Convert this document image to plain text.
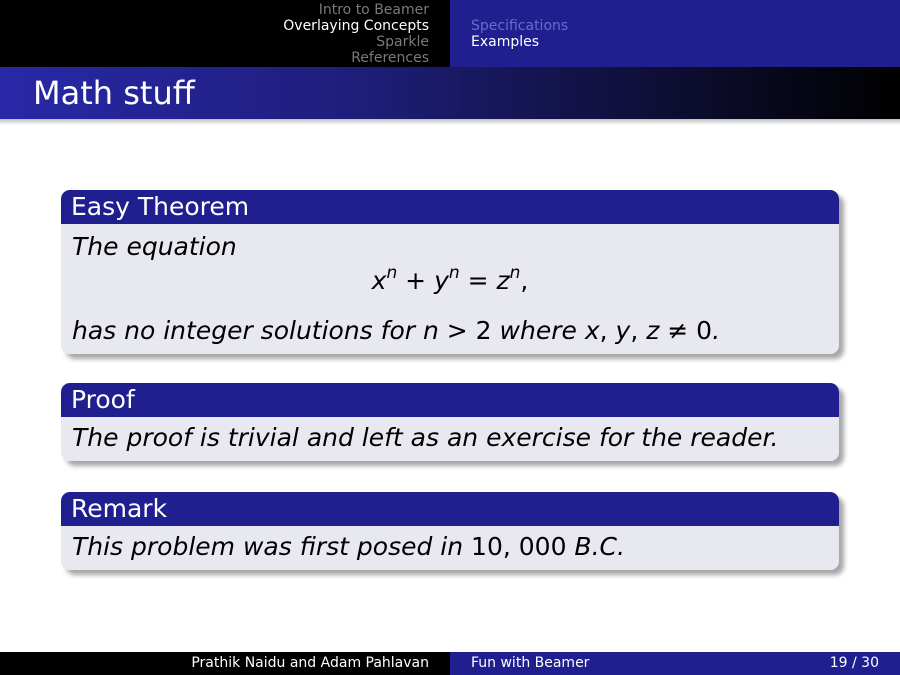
Intro to Beamer
Overlaying Concepts
Sparkle
References
Specifications
Examples
Math stuff
Easy Theorem
The equation
$x^n + y^n = z^n$,
has no integer solutions for n > 2 where x, y, z ≠ 0.
Proof
The proof is trivial and left as an exercise for the reader.
Remark
This problem was first posed in 10, 000 B.C.
Prathik Naidu and Adam Pahlavan	Fun with Beamer	19 / 30
